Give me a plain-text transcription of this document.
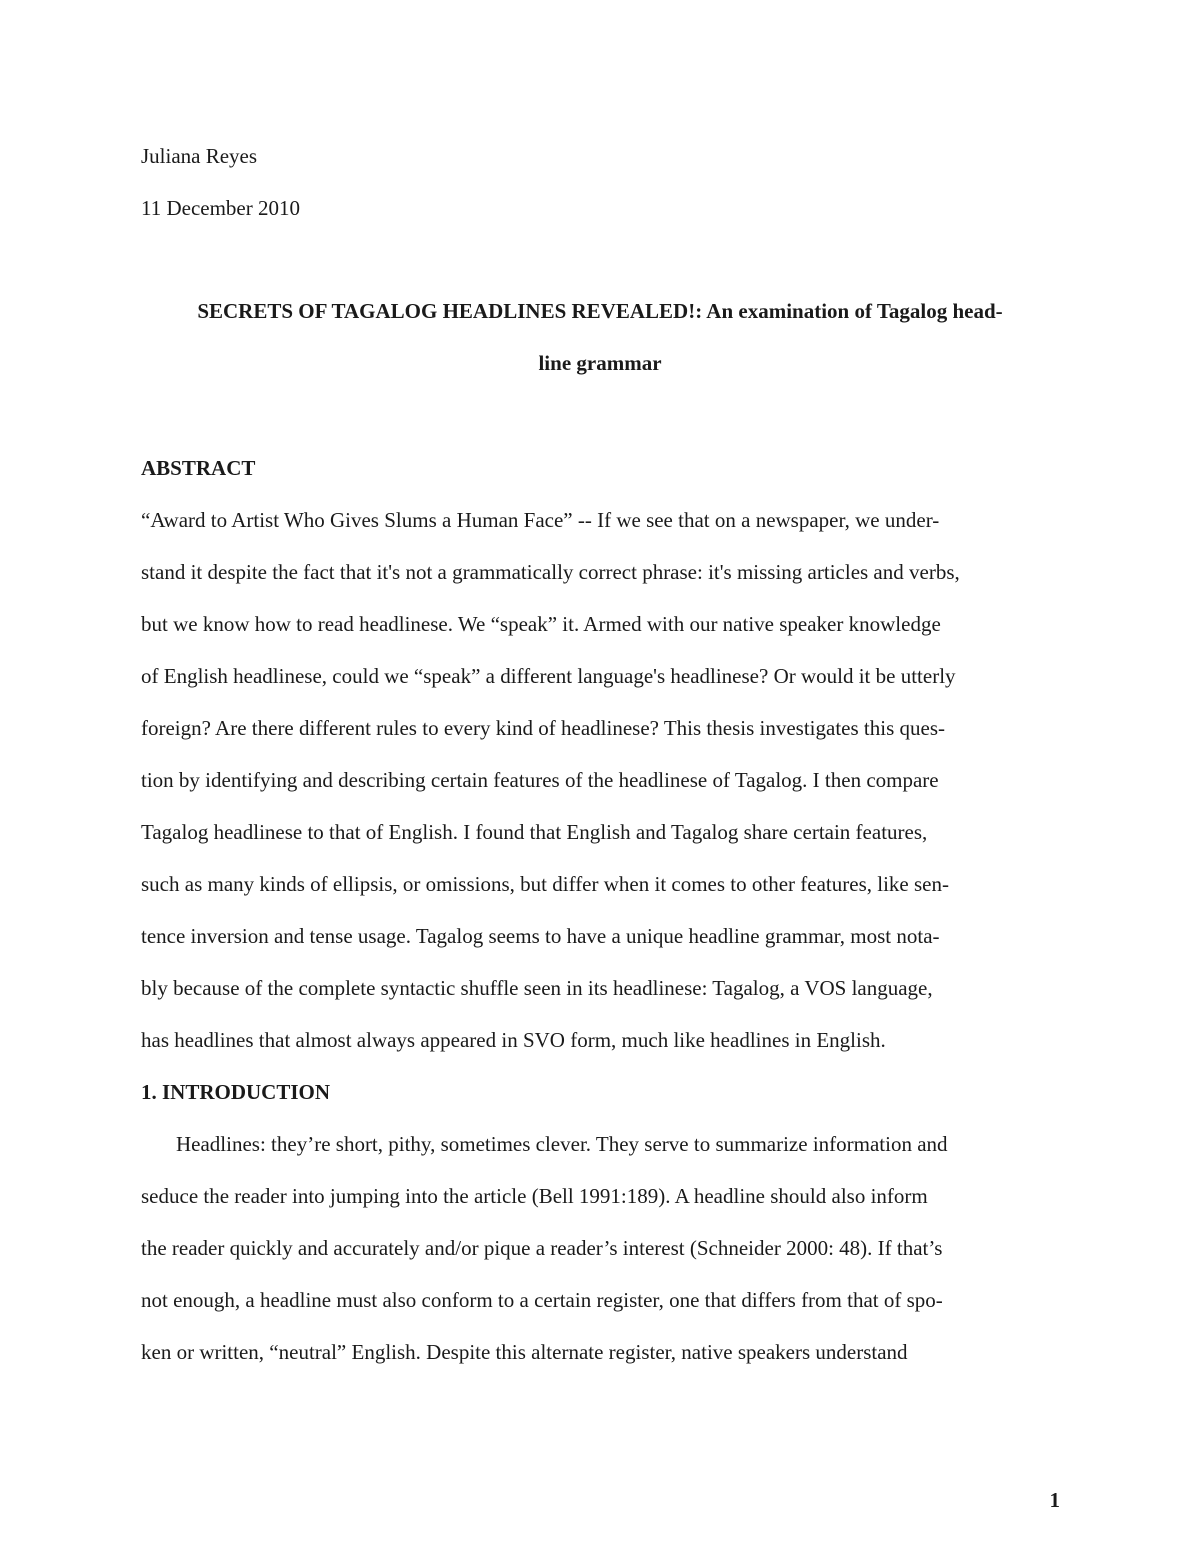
Juliana Reyes

11 December 2010

SECRETS OF TAGALOG HEADLINES REVEALED!: An examination of Tagalog head-

line grammar

ABSTRACT

“Award to Artist Who Gives Slums a Human Face” -- If we see that on a newspaper, we under-

stand it despite the fact that it's not a grammatically correct phrase: it's missing articles and verbs,

but we know how to read headlinese. We “speak” it. Armed with our native speaker knowledge

of English headlinese, could we “speak” a different language's headlinese? Or would it be utterly

foreign? Are there different rules to every kind of headlinese? This thesis investigates this ques-

tion by identifying and describing certain features of the headlinese of Tagalog. I then compare

Tagalog headlinese to that of English. I found that English and Tagalog share certain features,

such as many kinds of ellipsis, or omissions, but differ when it comes to other features, like sen-

tence inversion and tense usage. Tagalog seems to have a unique headline grammar, most nota-

bly because of the complete syntactic shuffle seen in its headlinese: Tagalog, a VOS language,

has headlines that almost always appeared in SVO form, much like headlines in English.

1. INTRODUCTION

Headlines: they’re short, pithy, sometimes clever. They serve to summarize information and

seduce the reader into jumping into the article (Bell 1991:189). A headline should also inform

the reader quickly and accurately and/or pique a reader’s interest (Schneider 2000: 48). If that’s

not enough, a headline must also conform to a certain register, one that differs from that of spo-

ken or written, “neutral” English. Despite this alternate register, native speakers understand

1
